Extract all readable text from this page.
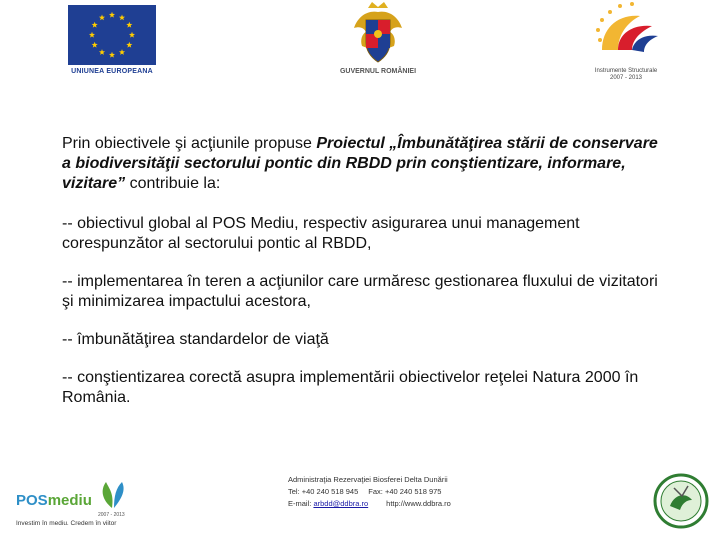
UNIUNEA EUROPEANA	GUVERNUL ROMÂNIEI	Instrumente Structurale
2007 - 2013

Prin obiectivele şi acţiunile propuse Proiectul „Îmbunătăţirea stării de conservare a biodiversităţii sectorului pontic din RBDD prin conştientizare, informare, vizitare” contribuie la:

-- obiectivul global al POS Mediu, respectiv asigurarea unui management corespunzător al sectorului pontic al RBDD,

-- implementarea în teren a acţiunilor care urmăresc gestionarea fluxului de vizitatori şi minimizarea impactului acestora,

-- îmbunătăţirea standardelor de viaţă

-- conştientizarea corectă asupra implementării obiectivelor reţelei Natura 2000 în România.

POSmediu
2007 - 2013
Investim în mediu. Credem în viitor
Administraţia Rezervaţiei Biosferei Delta Dunării
Tel: +40 240 518 945 Fax: +40 240 518 975
E-mail: arbdd@ddbra.ro http://www.ddbra.ro
